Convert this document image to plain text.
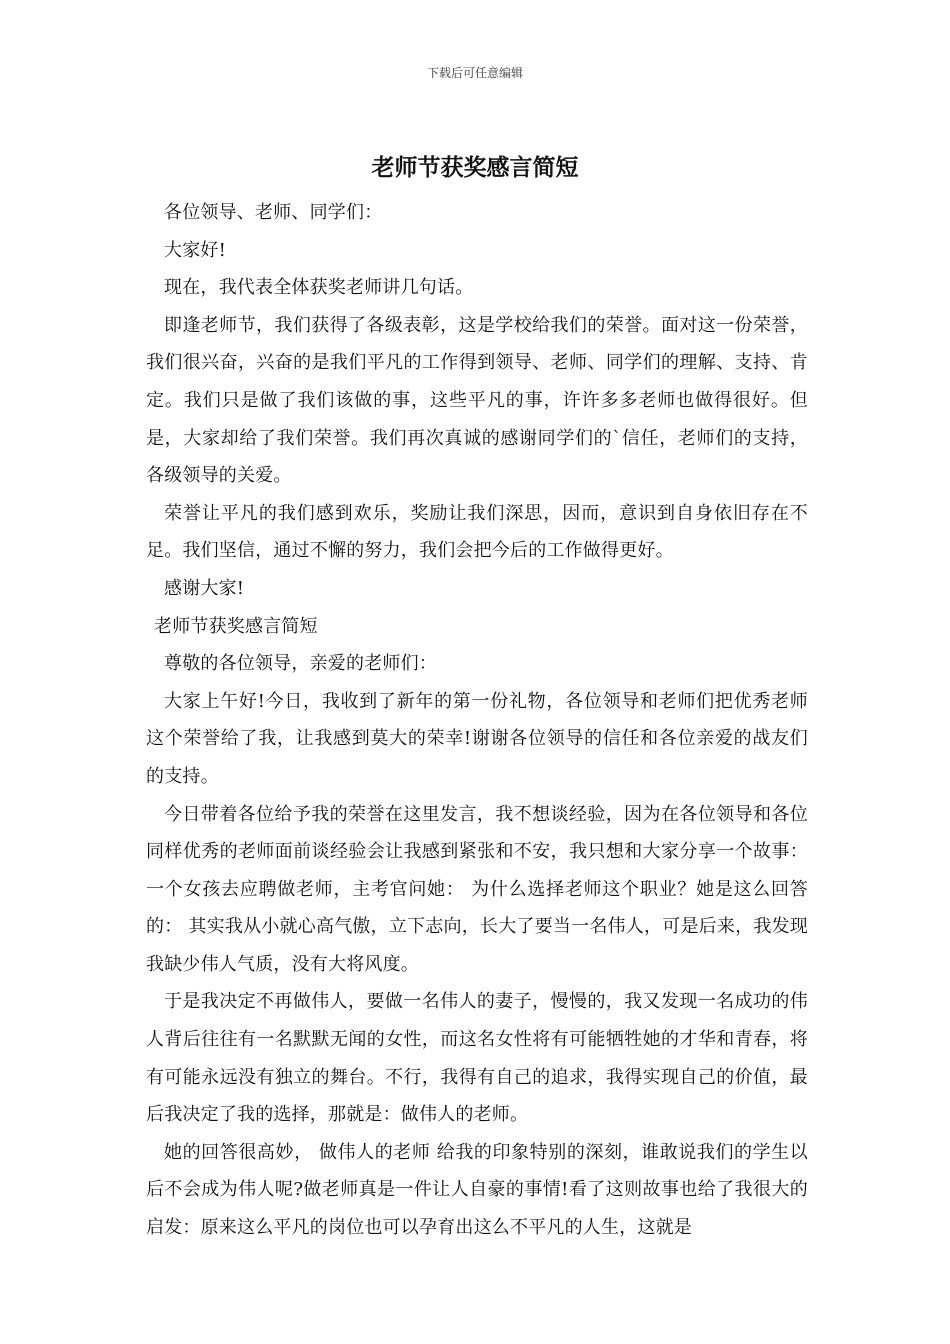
下载后可任意编辑
老师节获奖感言简短

各位领导、老师、同学们：

大家好!

现在，我代表全体获奖老师讲几句话。

即逢老师节，我们获得了各级表彰，这是学校给我们的荣誉。面对这一份荣誉，我们很兴奋，兴奋的是我们平凡的工作得到领导、老师、同学们的理解、支持、肯定。我们只是做了我们该做的事，这些平凡的事，许许多多老师也做得很好。但是，大家却给了我们荣誉。我们再次真诚的感谢同学们的`信任，老师们的支持，各级领导的关爱。

荣誉让平凡的我们感到欢乐，奖励让我们深思，因而，意识到自身依旧存在不足。我们坚信，通过不懈的努力，我们会把今后的工作做得更好。

感谢大家!

老师节获奖感言简短

尊敬的各位领导，亲爱的老师们：

大家上午好!今日，我收到了新年的第一份礼物，各位领导和老师们把优秀老师这个荣誉给了我，让我感到莫大的荣幸!谢谢各位领导的信任和各位亲爱的战友们的支持。

今日带着各位给予我的荣誉在这里发言，我不想谈经验，因为在各位领导和各位同样优秀的老师面前谈经验会让我感到紧张和不安，我只想和大家分享一个故事：一个女孩去应聘做老师，主考官问她： 为什么选择老师这个职业？她是这么回答的： 其实我从小就心高气傲，立下志向，长大了要当一名伟人，可是后来，我发现我缺少伟人气质，没有大将风度。

于是我决定不再做伟人，要做一名伟人的妻子，慢慢的，我又发现一名成功的伟人背后往往有一名默默无闻的女性，而这名女性将有可能牺牲她的才华和青春，将有可能永远没有独立的舞台。不行，我得有自己的追求，我得实现自己的价值，最后我决定了我的选择，那就是：做伟人的老师。

她的回答很高妙， 做伟人的老师 给我的印象特别的深刻，谁敢说我们的学生以后不会成为伟人呢?做老师真是一件让人自豪的事情!看了这则故事也给了我很大的启发：原来这么平凡的岗位也可以孕育出这么不平凡的人生，这就是
